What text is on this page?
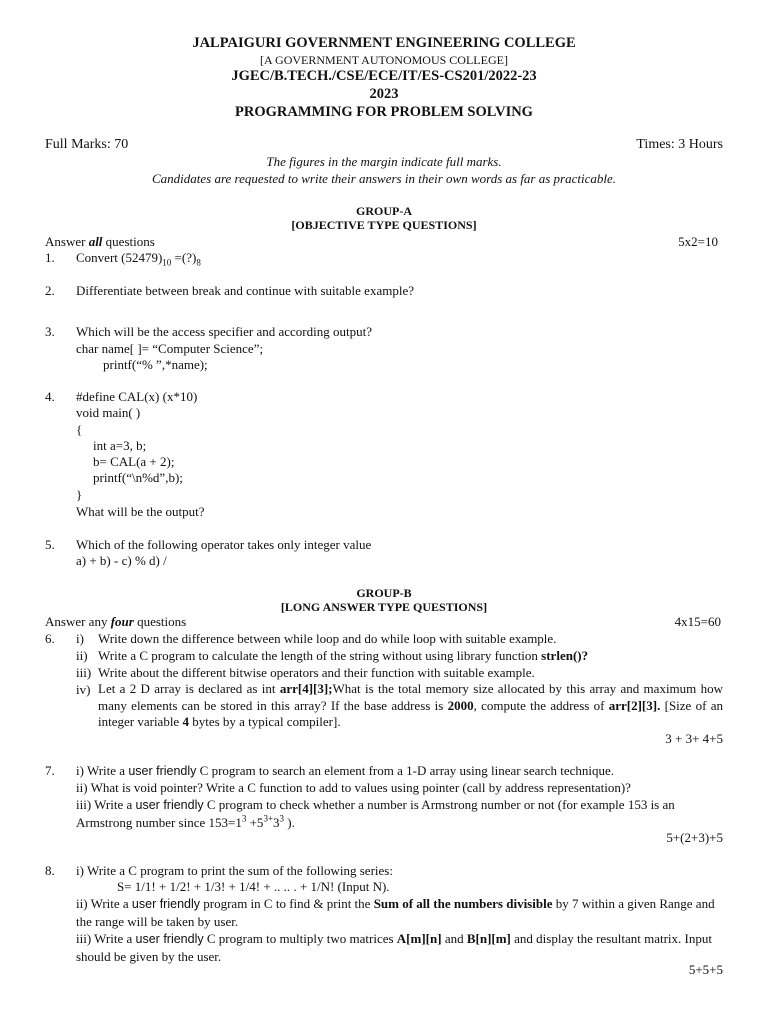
JALPAIGURI GOVERNMENT ENGINEERING COLLEGE
[A GOVERNMENT AUTONOMOUS COLLEGE]
JGEC/B.TECH./CSE/ECE/IT/ES-CS201/2022-23
2023
PROGRAMMING FOR PROBLEM SOLVING
Full Marks: 70	Times: 3 Hours
The figures in the margin indicate full marks.
Candidates are requested to write their answers in their own words as far as practicable.
GROUP-A
[OBJECTIVE TYPE QUESTIONS]
Answer all questions	5x2=10
1. Convert $(52479)_{10}$ $=(?)_8$
2. Differentiate between break and continue with suitable example?
3. Which will be the access specifier and according output?
char name[ ]= “Computer Science”;
printf(“% ”,*name);
4. #define CAL(x) (x*10)
void main( )
{
int a=3, b;
b= CAL(a + 2);
printf(“\n%d”,b);
}
What will be the output?
5. Which of the following operator takes only integer value
a) + b) - c) % d) /
GROUP-B
[LONG ANSWER TYPE QUESTIONS]
Answer any four questions	4x15=60
6. i) Write down the difference between while loop and do while loop with suitable example.
ii) Write a C program to calculate the length of the string without using library function strlen()?
iii) Write about the different bitwise operators and their function with suitable example.
iv) Let a 2 D array is declared as int arr[4][3];What is the total memory size allocated by this array and maximum how many elements can be stored in this array? If the base address is 2000, compute the address of arr[2][3]. [Size of an integer variable 4 bytes by a typical compiler].
3 + 3+ 4+5
7. i) Write a user friendly C program to search an element from a 1-D array using linear search technique.
ii) What is void pointer? Write a C function to add to values using pointer (call by address representation)?
iii) Write a user friendly C program to check whether a number is Armstrong number or not (for example 153 is an Armstrong number since $153=1^3 +5^{3+}3^3$ ).
5+(2+3)+5
8. i) Write a C program to print the sum of the following series:
S= 1/1! + 1/2! + 1/3! + 1/4! + .. .. . + 1/N! (Input N).
ii) Write a user friendly program in C to find & print the Sum of all the numbers divisible by 7 within a given Range and the range will be taken by user.
iii) Write a user friendly C program to multiply two matrices A[m][n] and B[n][m] and display the resultant matrix. Input should be given by the user.
5+5+5
